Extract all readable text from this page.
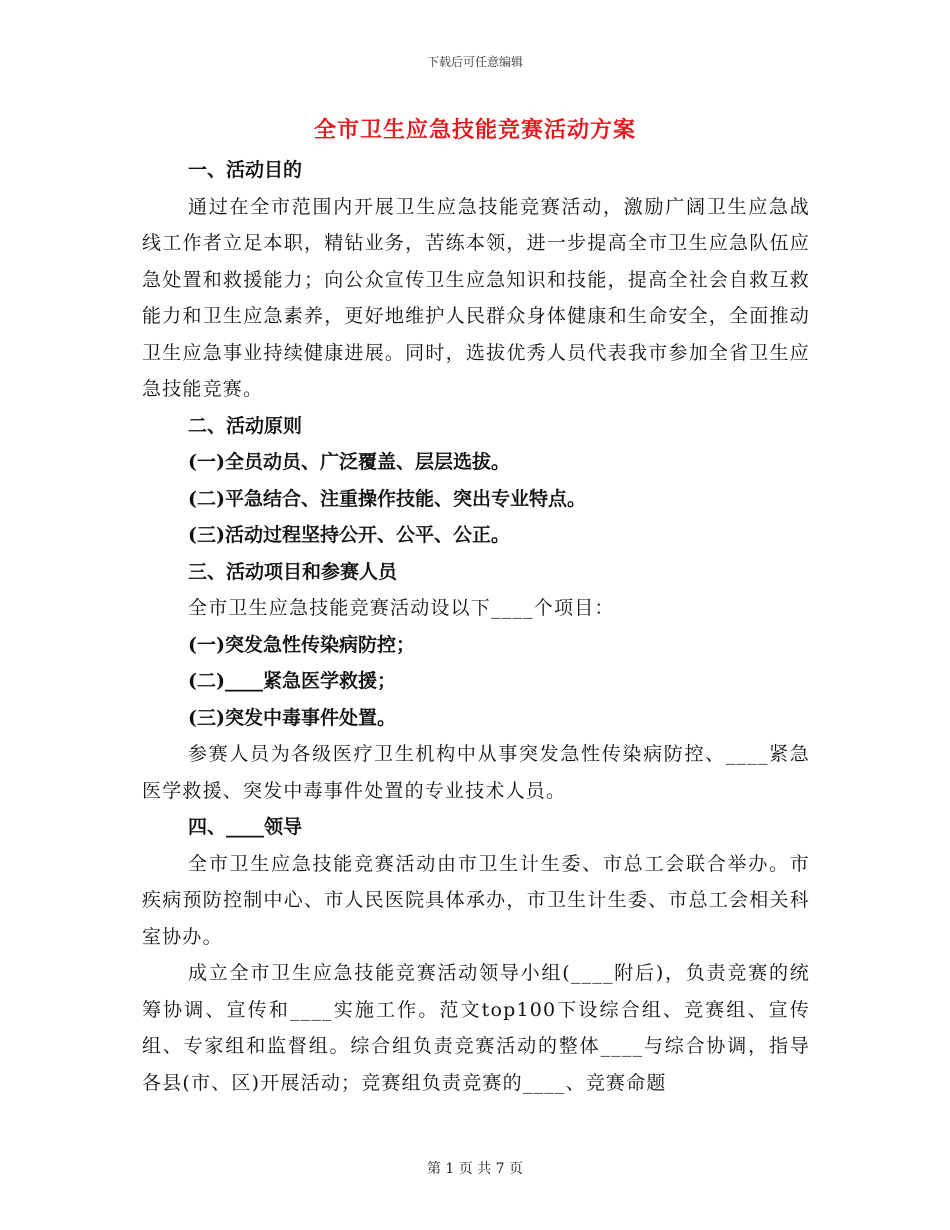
下载后可任意编辑
全市卫生应急技能竞赛活动方案

一、活动目的

通过在全市范围内开展卫生应急技能竞赛活动，激励广阔卫生应急战线工作者立足本职，精钻业务，苦练本领，进一步提高全市卫生应急队伍应急处置和救援能力；向公众宣传卫生应急知识和技能，提高全社会自救互救能力和卫生应急素养，更好地维护人民群众身体健康和生命安全，全面推动卫生应急事业持续健康进展。同时，选拔优秀人员代表我市参加全省卫生应急技能竞赛。

二、活动原则

(一)全员动员、广泛覆盖、层层选拔。

(二)平急结合、注重操作技能、突出专业特点。

(三)活动过程坚持公开、公平、公正。

三、活动项目和参赛人员

全市卫生应急技能竞赛活动设以下____个项目：

(一)突发急性传染病防控；

(二)____紧急医学救援；

(三)突发中毒事件处置。

参赛人员为各级医疗卫生机构中从事突发急性传染病防控、____紧急医学救援、突发中毒事件处置的专业技术人员。

四、____领导

全市卫生应急技能竞赛活动由市卫生计生委、市总工会联合举办。市疾病预防控制中心、市人民医院具体承办，市卫生计生委、市总工会相关科室协办。

成立全市卫生应急技能竞赛活动领导小组(____附后)，负责竞赛的统筹协调、宣传和____实施工作。范文top100下设综合组、竞赛组、宣传组、专家组和监督组。综合组负责竞赛活动的整体____与综合协调，指导各县(市、区)开展活动；竞赛组负责竞赛的____、竞赛命题

第 1 页 共 7 页
